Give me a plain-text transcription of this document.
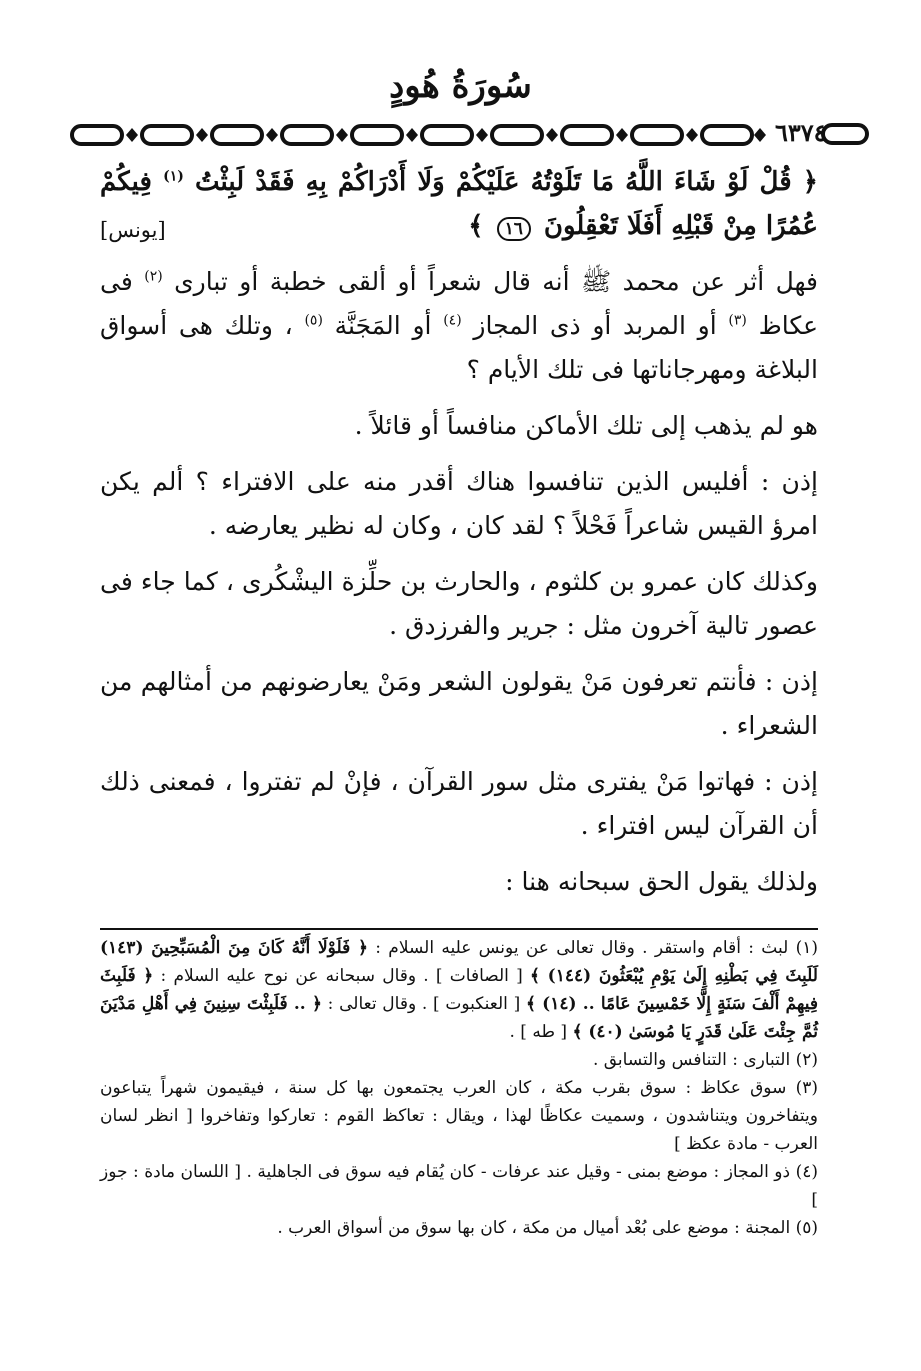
سُورَةُ هُودٍ
٦٣٧٤

﴿ قُلْ لَوْ شَاءَ اللَّهُ مَا تَلَوْتُهُ عَلَيْكُمْ وَلَا أَدْرَاكُمْ بِهِ فَقَدْ لَبِثْتُ $^{(١)}$ فِيكُمْ عُمُرًا مِنْ قَبْلِهِ أَفَلَا تَعْقِلُونَ ١٦ ﴾
[يونس]

فهل أثر عن محمد ﷺ أنه قال شعراً أو ألقى خطبة أو تبارى $^{(٢)}$ فى عكاظ $^{(٣)}$ أو المربد أو ذى المجاز $^{(٤)}$ أو المَجَنَّة $^{(٥)}$ ، وتلك هى أسواق البلاغة ومهرجاناتها فى تلك الأيام ؟

هو لم يذهب إلى تلك الأماكن منافساً أو قائلاً .

إذن : أفليس الذين تنافسوا هناك أقدر منه على الافتراء ؟ ألم يكن امرؤ القيس شاعراً فَحْلاً ؟ لقد كان ، وكان له نظير يعارضه .

وكذلك كان عمرو بن كلثوم ، والحارث بن حلِّزة اليشْكُرى ، كما جاء فى عصور تالية آخرون مثل : جرير والفرزدق .

إذن : فأنتم تعرفون مَنْ يقولون الشعر ومَنْ يعارضونهم من أمثالهم من الشعراء .

إذن : فهاتوا مَنْ يفترى مثل سور القرآن ، فإنْ لم تفتروا ، فمعنى ذلك أن القرآن ليس افتراء .

ولذلك يقول الحق سبحانه هنا :

(١) لبث : أقام واستقر . وقال تعالى عن يونس عليه السلام : ﴿ فَلَوْلَا أَنَّهُ كَانَ مِنَ الْمُسَبِّحِينَ (١٤٣) لَلَبِثَ فِي بَطْنِهِ إِلَىٰ يَوْمِ يُبْعَثُونَ (١٤٤) ﴾ [ الصافات ] . وقال سبحانه عن نوح عليه السلام : ﴿ فَلَبِثَ فِيهِمْ أَلْفَ سَنَةٍ إِلَّا خَمْسِينَ عَامًا .. (١٤) ﴾ [ العنكبوت ] . وقال تعالى : ﴿ .. فَلَبِثْتَ سِنِينَ فِي أَهْلِ مَدْيَنَ ثُمَّ جِئْتَ عَلَىٰ قَدَرٍ يَا مُوسَىٰ (٤٠) ﴾ [ طه ] .

(٢) التبارى : التنافس والتسابق .

(٣) سوق عكاظ : سوق بقرب مكة ، كان العرب يجتمعون بها كل سنة ، فيقيمون شهراً يتباعون ويتفاخرون ويتناشدون ، وسميت عكاظًا لهذا ، ويقال : تعاكظ القوم : تعاركوا وتفاخروا [ انظر لسان العرب - مادة عكظ ]

(٤) ذو المجاز : موضع بمنى - وقيل عند عرفات - كان يُقام فيه سوق فى الجاهلية . [ اللسان مادة : جوز ]

(٥) المجنة : موضع على بُعْد أميال من مكة ، كان بها سوق من أسواق العرب .
